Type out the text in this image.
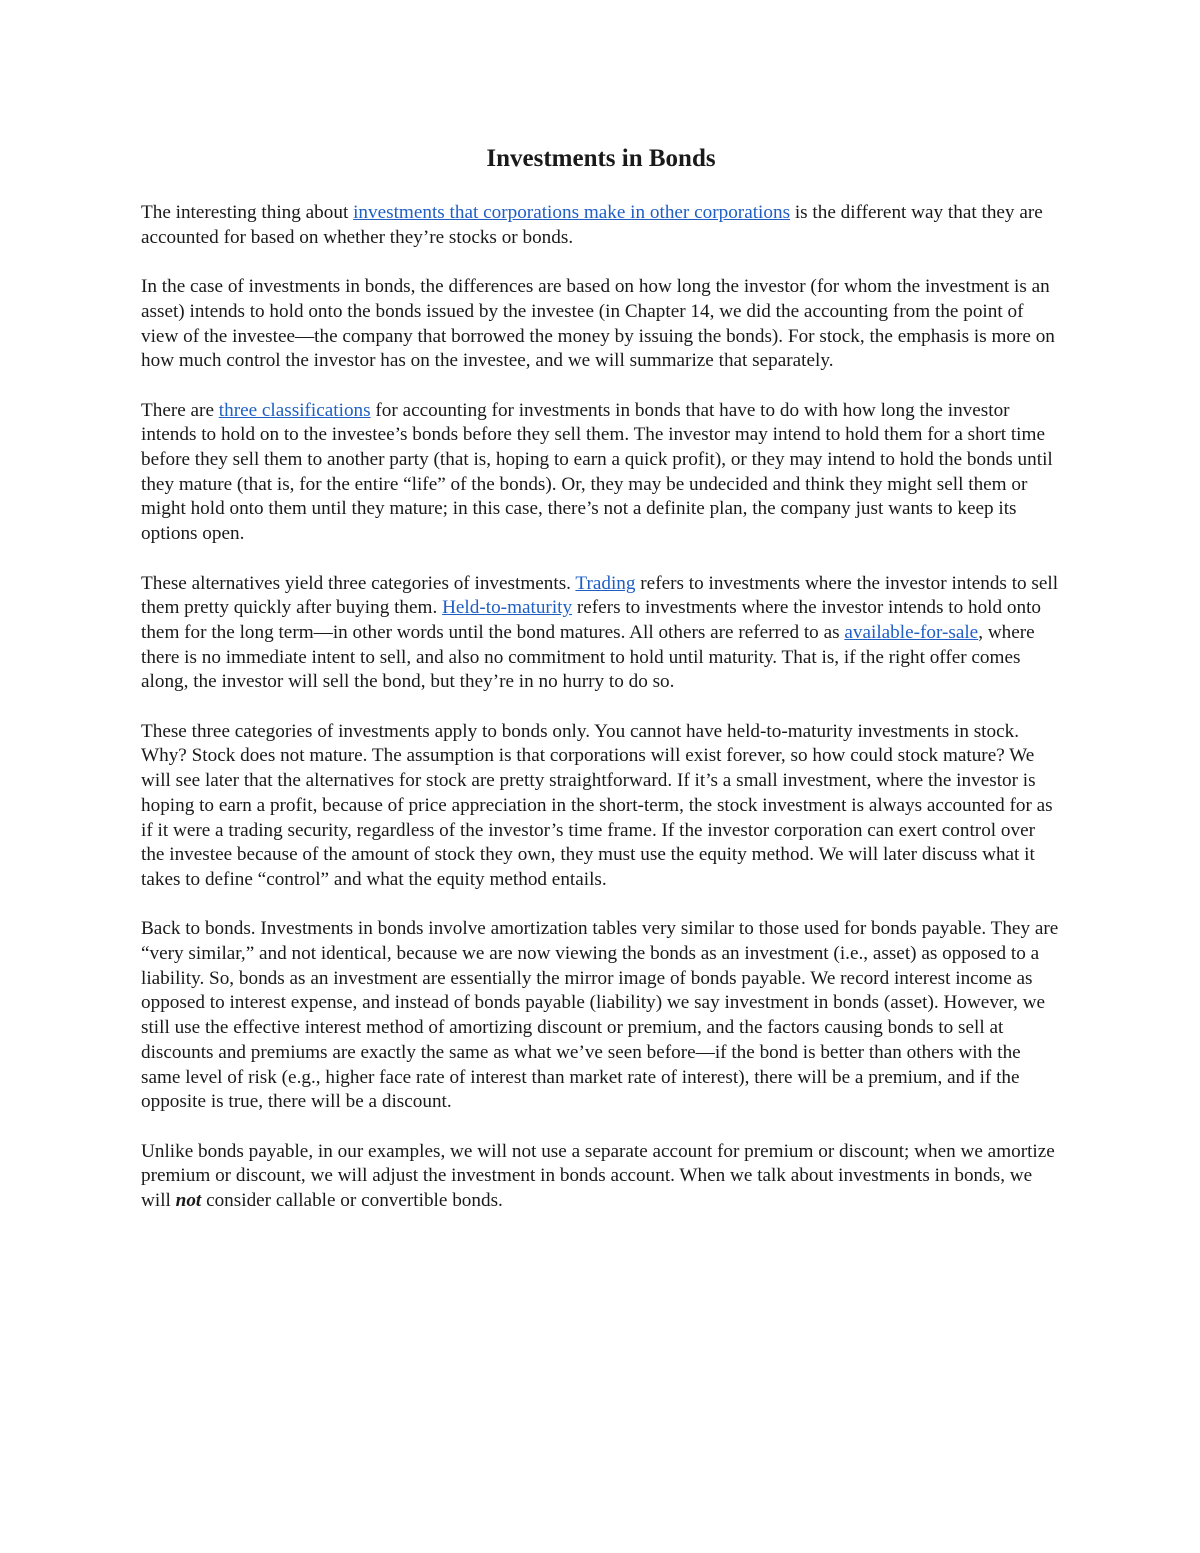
Investments in Bonds

The interesting thing about investments that corporations make in other corporations is the different way that they are accounted for based on whether they’re stocks or bonds.

In the case of investments in bonds, the differences are based on how long the investor (for whom the investment is an asset) intends to hold onto the bonds issued by the investee (in Chapter 14, we did the accounting from the point of view of the investee—the company that borrowed the money by issuing the bonds). For stock, the emphasis is more on how much control the investor has on the investee, and we will summarize that separately.

There are three classifications for accounting for investments in bonds that have to do with how long the investor intends to hold on to the investee’s bonds before they sell them. The investor may intend to hold them for a short time before they sell them to another party (that is, hoping to earn a quick profit), or they may intend to hold the bonds until they mature (that is, for the entire “life” of the bonds). Or, they may be undecided and think they might sell them or might hold onto them until they mature; in this case, there’s not a definite plan, the company just wants to keep its options open.

These alternatives yield three categories of investments. Trading refers to investments where the investor intends to sell them pretty quickly after buying them. Held-to-maturity refers to investments where the investor intends to hold onto them for the long term—in other words until the bond matures. All others are referred to as available-for-sale, where there is no immediate intent to sell, and also no commitment to hold until maturity. That is, if the right offer comes along, the investor will sell the bond, but they’re in no hurry to do so.

These three categories of investments apply to bonds only. You cannot have held-to-maturity investments in stock. Why? Stock does not mature. The assumption is that corporations will exist forever, so how could stock mature? We will see later that the alternatives for stock are pretty straightforward. If it’s a small investment, where the investor is hoping to earn a profit, because of price appreciation in the short-term, the stock investment is always accounted for as if it were a trading security, regardless of the investor’s time frame. If the investor corporation can exert control over the investee because of the amount of stock they own, they must use the equity method. We will later discuss what it takes to define “control” and what the equity method entails.

Back to bonds. Investments in bonds involve amortization tables very similar to those used for bonds payable. They are “very similar,” and not identical, because we are now viewing the bonds as an investment (i.e., asset) as opposed to a liability. So, bonds as an investment are essentially the mirror image of bonds payable. We record interest income as opposed to interest expense, and instead of bonds payable (liability) we say investment in bonds (asset). However, we still use the effective interest method of amortizing discount or premium, and the factors causing bonds to sell at discounts and premiums are exactly the same as what we’ve seen before—if the bond is better than others with the same level of risk (e.g., higher face rate of interest than market rate of interest), there will be a premium, and if the opposite is true, there will be a discount.

Unlike bonds payable, in our examples, we will not use a separate account for premium or discount; when we amortize premium or discount, we will adjust the investment in bonds account. When we talk about investments in bonds, we will not consider callable or convertible bonds.
